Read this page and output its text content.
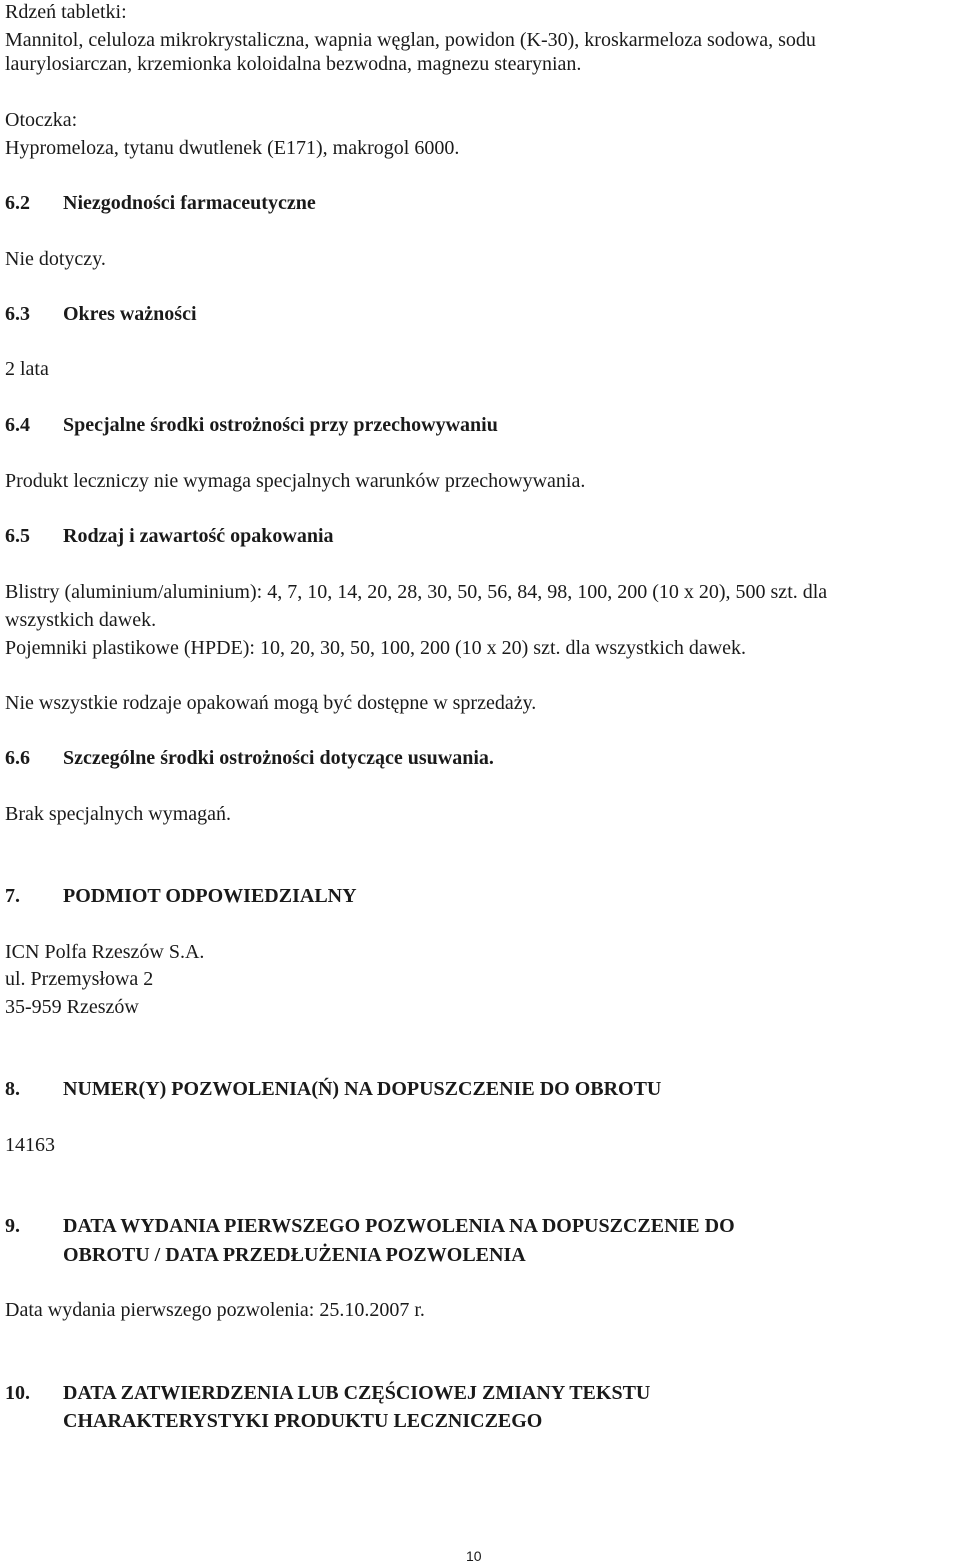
Rdzeń tabletki:
Mannitol, celuloza mikrokrystaliczna, wapnia węglan, powidon (K-30), kroskarmeloza sodowa, sodu
laurylosiarczan, krzemionka koloidalna bezwodna, magnezu stearynian.
Otoczka:
Hypromeloza, tytanu dwutlenek (E171), makrogol 6000.
6.2 Niezgodności farmaceutyczne
Nie dotyczy.
6.3 Okres ważności
2 lata
6.4 Specjalne środki ostrożności przy przechowywaniu
Produkt leczniczy nie wymaga specjalnych warunków przechowywania.
6.5 Rodzaj i zawartość opakowania
Blistry (aluminium/aluminium): 4, 7, 10, 14, 20, 28, 30, 50, 56, 84, 98, 100, 200 (10 x 20), 500 szt. dla
wszystkich dawek.
Pojemniki plastikowe (HPDE): 10, 20, 30, 50, 100, 200 (10 x 20) szt. dla wszystkich dawek.
Nie wszystkie rodzaje opakowań mogą być dostępne w sprzedaży.
6.6 Szczególne środki ostrożności dotyczące usuwania.
Brak specjalnych wymagań.
7. PODMIOT ODPOWIEDZIALNY
ICN Polfa Rzeszów S.A.
ul. Przemysłowa 2
35-959 Rzeszów
8. NUMER(Y) POZWOLENIA(Ń) NA DOPUSZCZENIE DO OBROTU
14163
9. DATA WYDANIA PIERWSZEGO POZWOLENIA NA DOPUSZCZENIE DO
OBROTU / DATA PRZEDŁUŻENIA POZWOLENIA
Data wydania pierwszego pozwolenia: 25.10.2007 r.
10. DATA ZATWIERDZENIA LUB CZĘŚCIOWEJ ZMIANY TEKSTU
CHARAKTERYSTYKI PRODUKTU LECZNICZEGO
10
